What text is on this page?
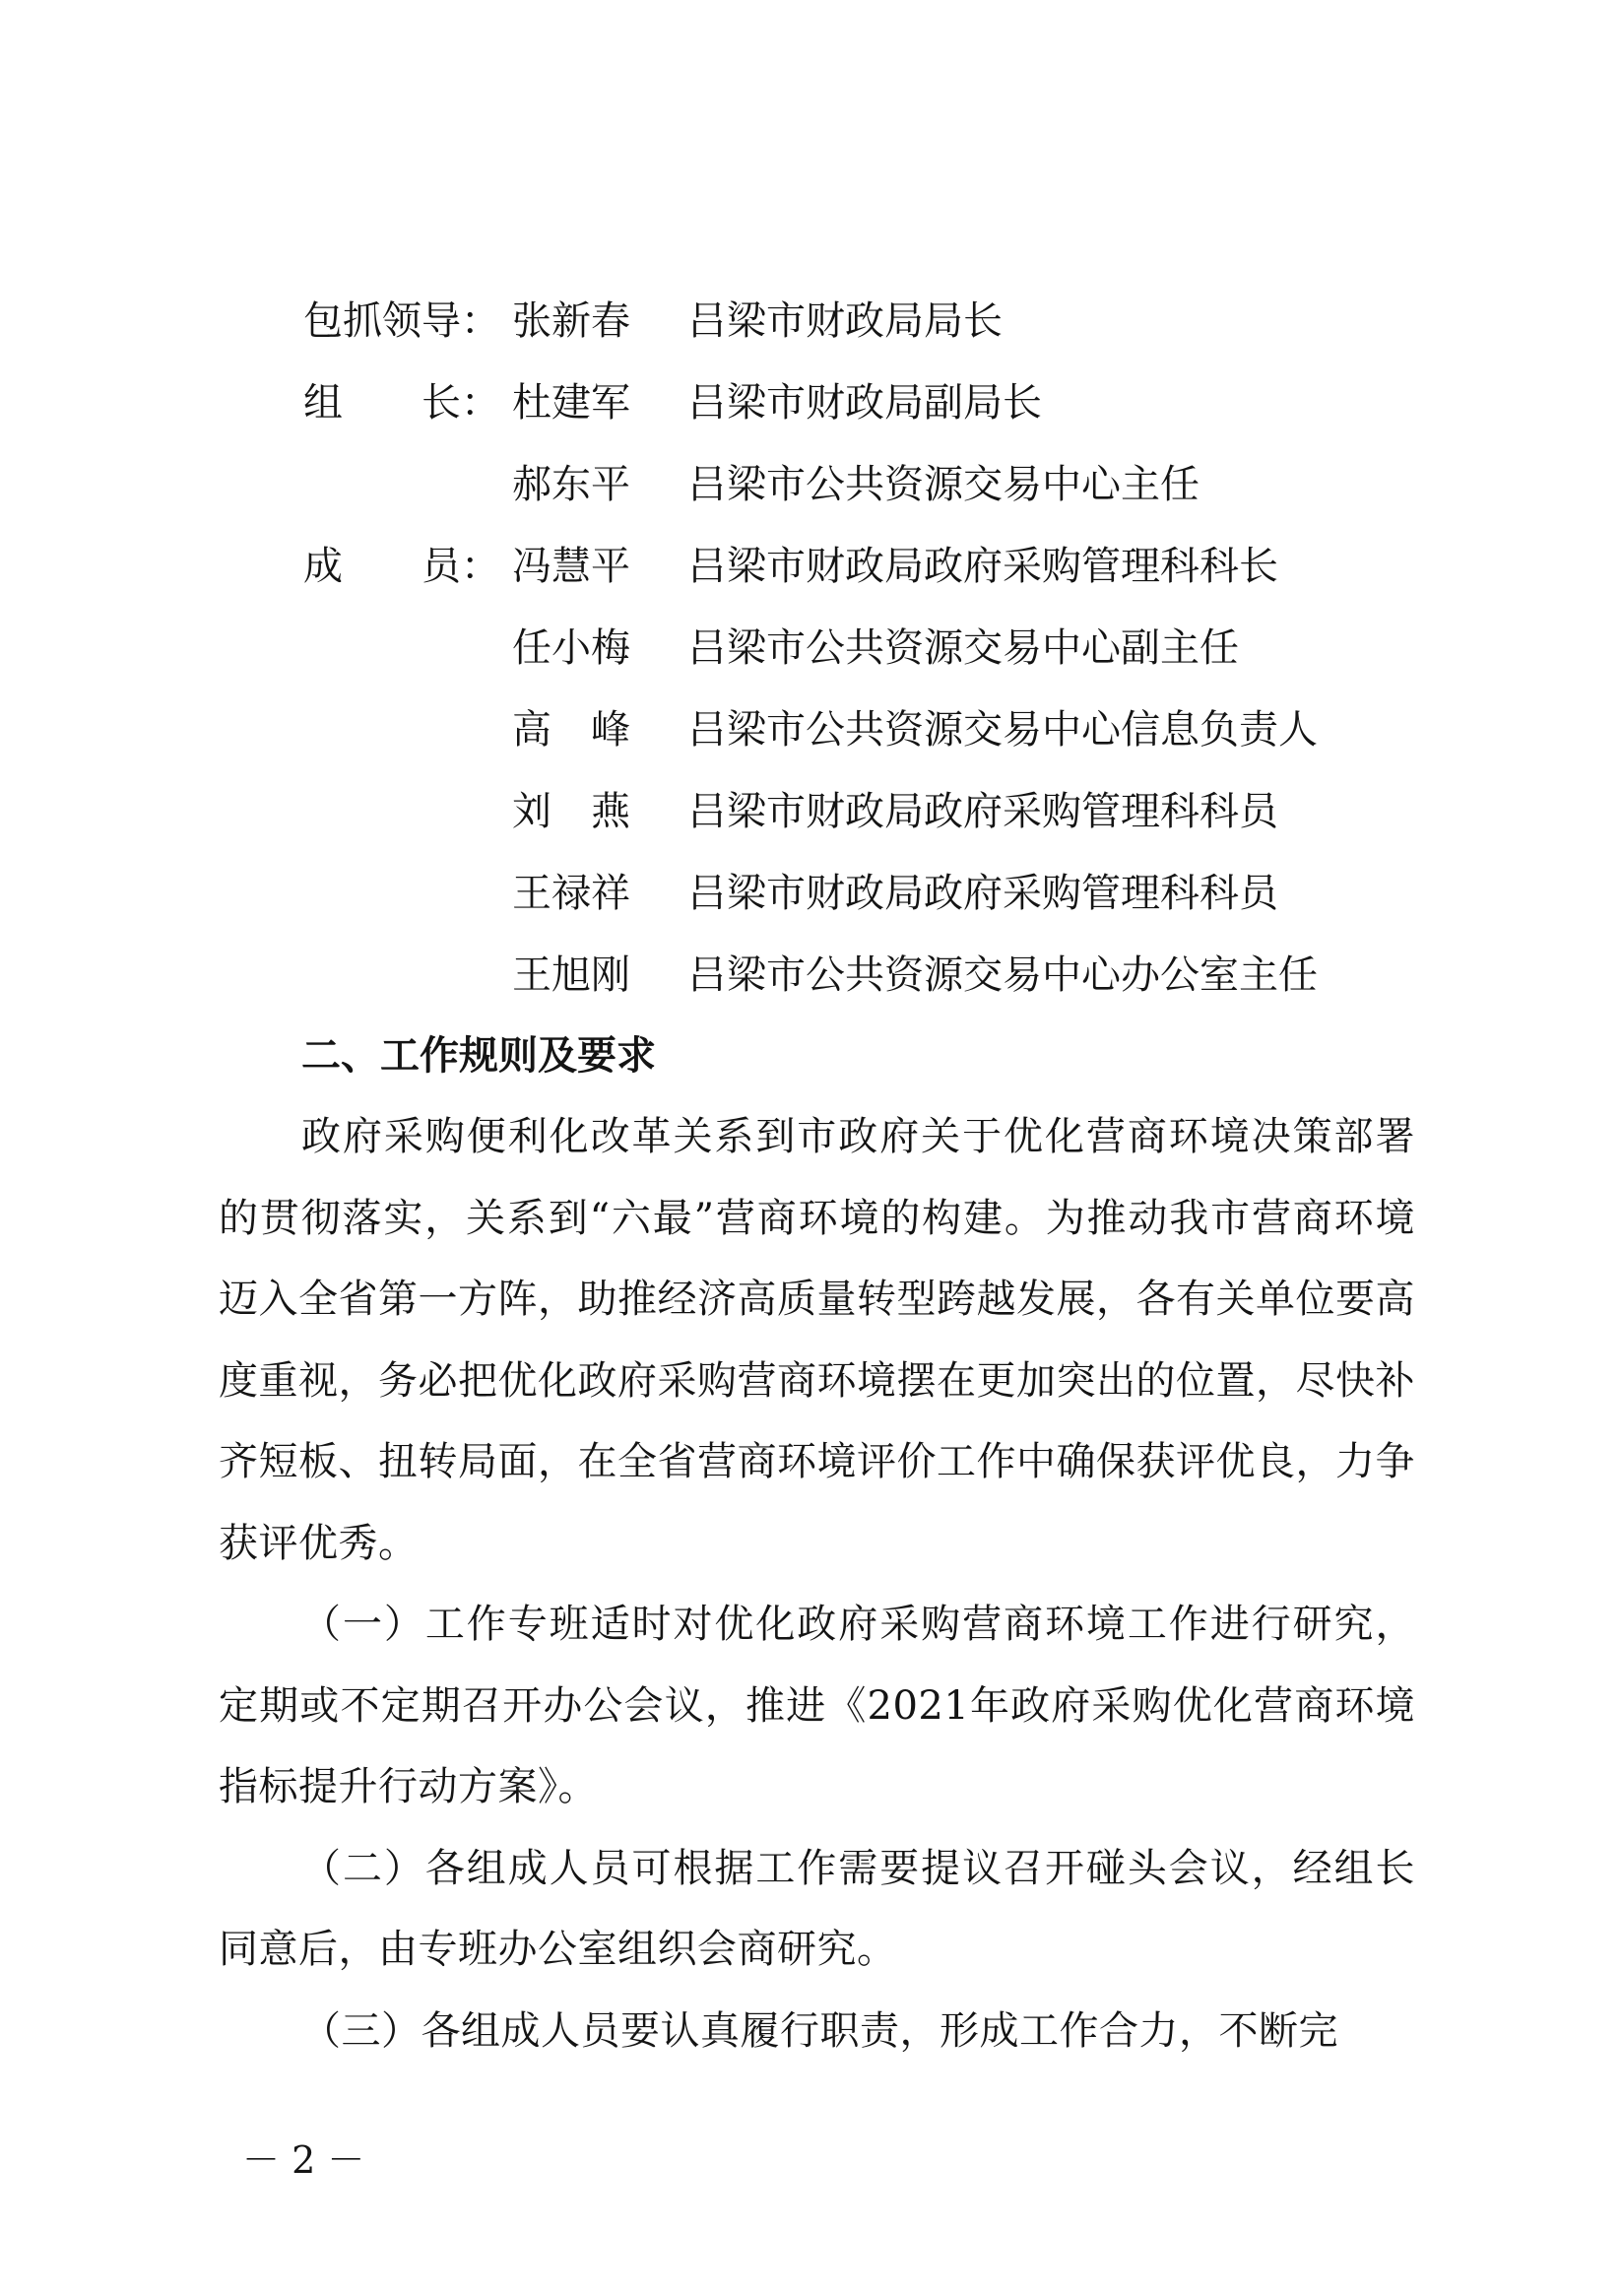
包抓领导： 张新春 吕梁市财政局局长
组　　长： 杜建军 吕梁市财政局副局长
郝东平 吕梁市公共资源交易中心主任
成　　员： 冯慧平 吕梁市财政局政府采购管理科科长
任小梅 吕梁市公共资源交易中心副主任
高　峰 吕梁市公共资源交易中心信息负责人
刘　燕 吕梁市财政局政府采购管理科科员
王禄祥 吕梁市财政局政府采购管理科科员
王旭刚 吕梁市公共资源交易中心办公室主任
二、工作规则及要求

政府采购便利化改革关系到市政府关于优化营商环境决策部署的贯彻落实，关系到“六最”营商环境的构建。为推动我市营商环境迈入全省第一方阵，助推经济高质量转型跨越发展，各有关单位要高度重视，务必把优化政府采购营商环境摆在更加突出的位置，尽快补齐短板、扭转局面，在全省营商环境评价工作中确保获评优良，力争获评优秀。

（一）工作专班适时对优化政府采购营商环境工作进行研究，定期或不定期召开办公会议，推进《2021年政府采购优化营商环境指标提升行动方案》。

（二）各组成人员可根据工作需要提议召开碰头会议，经组长同意后，由专班办公室组织会商研究。

（三）各组成人员要认真履行职责，形成工作合力，不断完

－ 2 －
